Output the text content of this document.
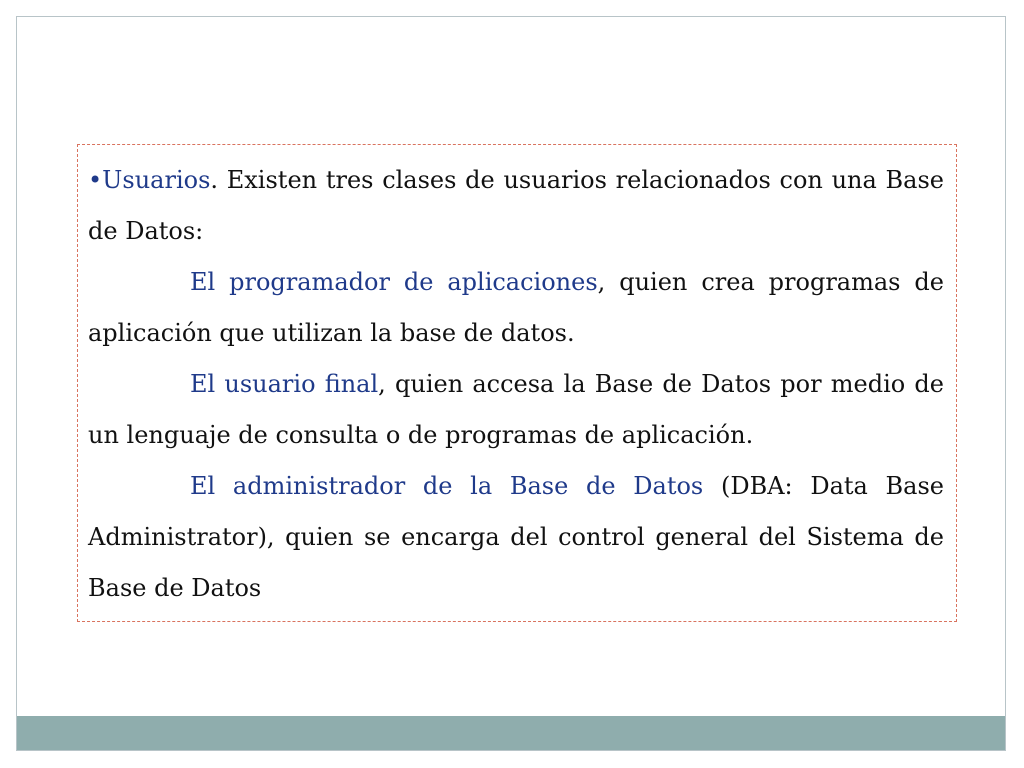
•Usuarios. Existen tres clases de usuarios relacionados con una Base de Datos:

El programador de aplicaciones, quien crea programas de aplicación que utilizan la base de datos.

El usuario final, quien accesa la Base de Datos por medio de un lenguaje de consulta o de programas de aplicación.

El administrador de la Base de Datos (DBA: Data Base Administrator), quien se encarga del control general del Sistema de Base de Datos
